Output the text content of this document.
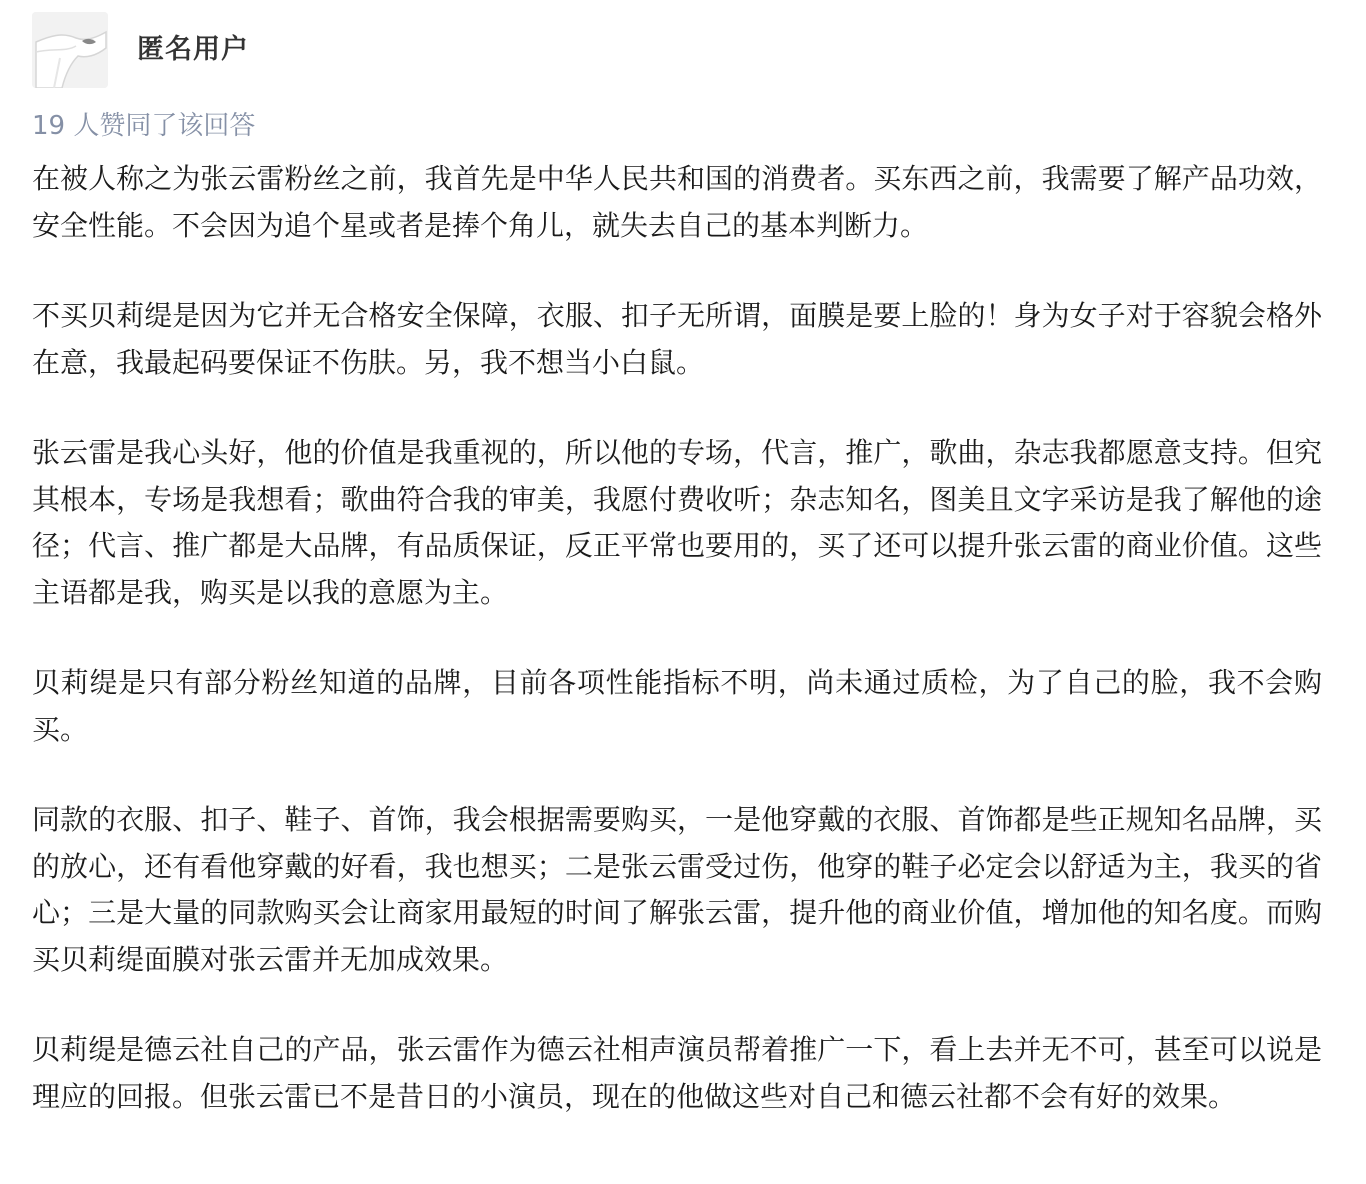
匿名用户
19 人赞同了该回答

在被人称之为张云雷粉丝之前，我首先是中华人民共和国的消费者。买东西之前，我需要了解产品功效，安全性能。不会因为追个星或者是捧个角儿，就失去自己的基本判断力。

不买贝莉缇是因为它并无合格安全保障，衣服、扣子无所谓，面膜是要上脸的！身为女子对于容貌会格外在意，我最起码要保证不伤肤。另，我不想当小白鼠。

张云雷是我心头好，他的价值是我重视的，所以他的专场，代言，推广，歌曲，杂志我都愿意支持。但究其根本，专场是我想看；歌曲符合我的审美，我愿付费收听；杂志知名，图美且文字采访是我了解他的途径；代言、推广都是大品牌，有品质保证，反正平常也要用的，买了还可以提升张云雷的商业价值。这些主语都是我，购买是以我的意愿为主。

贝莉缇是只有部分粉丝知道的品牌，目前各项性能指标不明，尚未通过质检，为了自己的脸，我不会购买。

同款的衣服、扣子、鞋子、首饰，我会根据需要购买，一是他穿戴的衣服、首饰都是些正规知名品牌，买的放心，还有看他穿戴的好看，我也想买；二是张云雷受过伤，他穿的鞋子必定会以舒适为主，我买的省心；三是大量的同款购买会让商家用最短的时间了解张云雷，提升他的商业价值，增加他的知名度。而购买贝莉缇面膜对张云雷并无加成效果。

贝莉缇是德云社自己的产品，张云雷作为德云社相声演员帮着推广一下，看上去并无不可，甚至可以说是理应的回报。但张云雷已不是昔日的小演员，现在的他做这些对自己和德云社都不会有好的效果。
